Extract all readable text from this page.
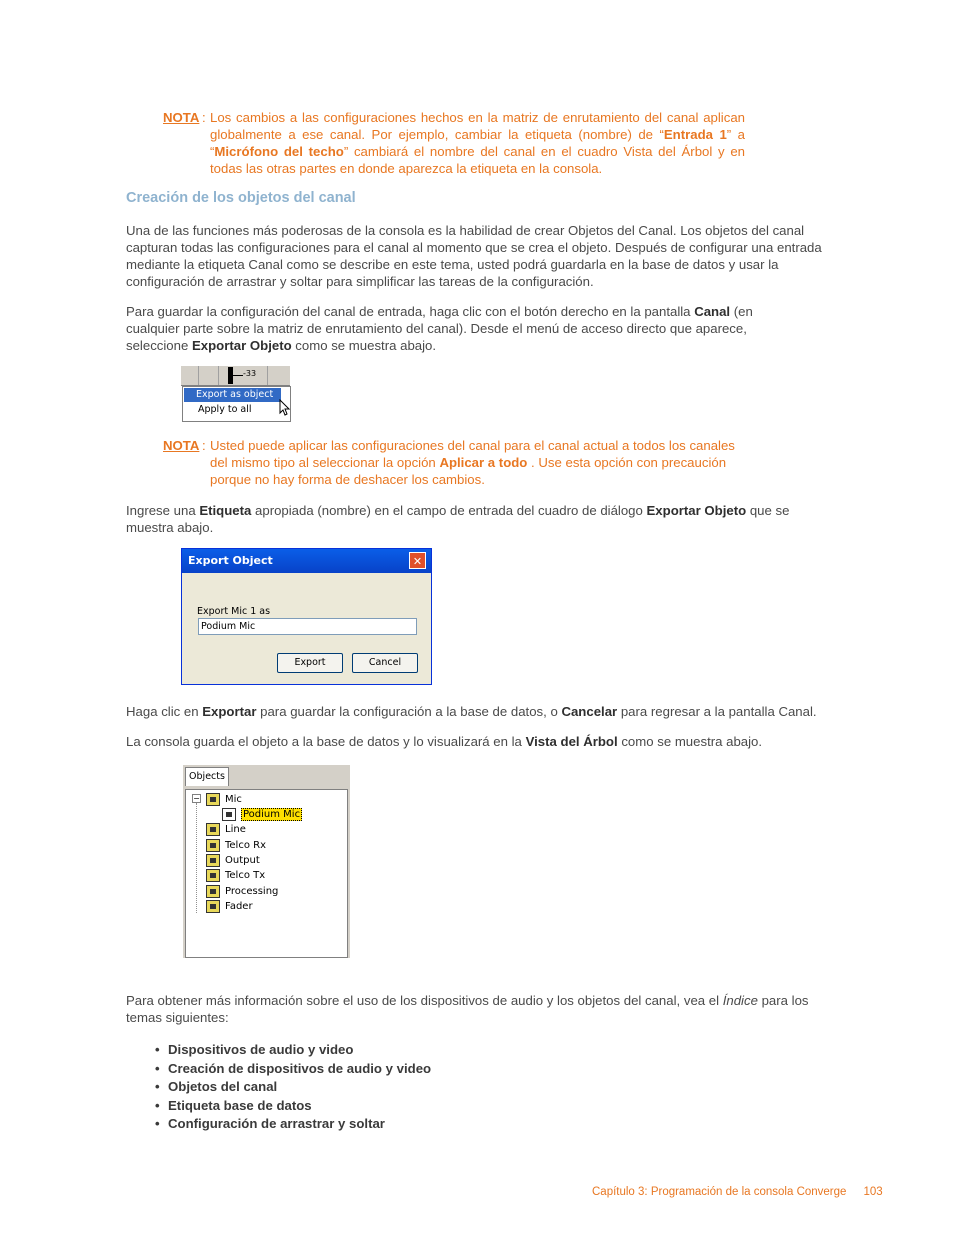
NOTA : Los cambios a las configuraciones hechos en la matriz de enrutamiento del canal aplican globalmente a ese canal. Por ejemplo, cambiar la etiqueta (nombre) de “Entrada 1” a “Micrófono del techo” cambiará el nombre del canal en el cuadro Vista del Árbol y en todas las otras partes en donde aparezca la etiqueta en la consola.
Creación de los objetos del canal
Una de las funciones más poderosas de la consola es la habilidad de crear Objetos del Canal. Los objetos del canal capturan todas las configuraciones para el canal al momento que se crea el objeto. Después de configurar una entrada mediante la etiqueta Canal como se describe en este tema, usted podrá guardarla en la base de datos y usar la configuración de arrastrar y soltar para simplificar las tareas de la configuración.
Para guardar la configuración del canal de entrada, haga clic con el botón derecho en la pantalla Canal (en cualquier parte sobre la matriz de enrutamiento del canal). Desde el menú de acceso directo que aparece, seleccione Exportar Objeto como se muestra abajo.
-33
Export as object
Apply to all
NOTA : Usted puede aplicar las configuraciones del canal para el canal actual a todos los canales del mismo tipo al seleccionar la opción Aplicar a todo . Use esta opción con precaución porque no hay forma de deshacer los cambios.
Ingrese una Etiqueta apropiada (nombre) en el campo de entrada del cuadro de diálogo Exportar Objeto que se muestra abajo.
Export Object	✕
Export Mic 1 as
Podium Mic
Export	Cancel
Haga clic en Exportar para guardar la configuración a la base de datos, o Cancelar para regresar a la pantalla Canal.
La consola guarda el objeto a la base de datos y lo visualizará en la Vista del Árbol como se muestra abajo.
Objects
−	Mic
Podium Mic
Line
Telco Rx
Output
Telco Tx
Processing
Fader
Para obtener más información sobre el uso de los dispositivos de audio y los objetos del canal, vea el Índice para los temas siguientes:
• Dispositivos de audio y video
• Creación de dispositivos de audio y video
• Objetos del canal
• Etiqueta base de datos
• Configuración de arrastrar y soltar
Capítulo 3: Programación de la consola Converge 103
